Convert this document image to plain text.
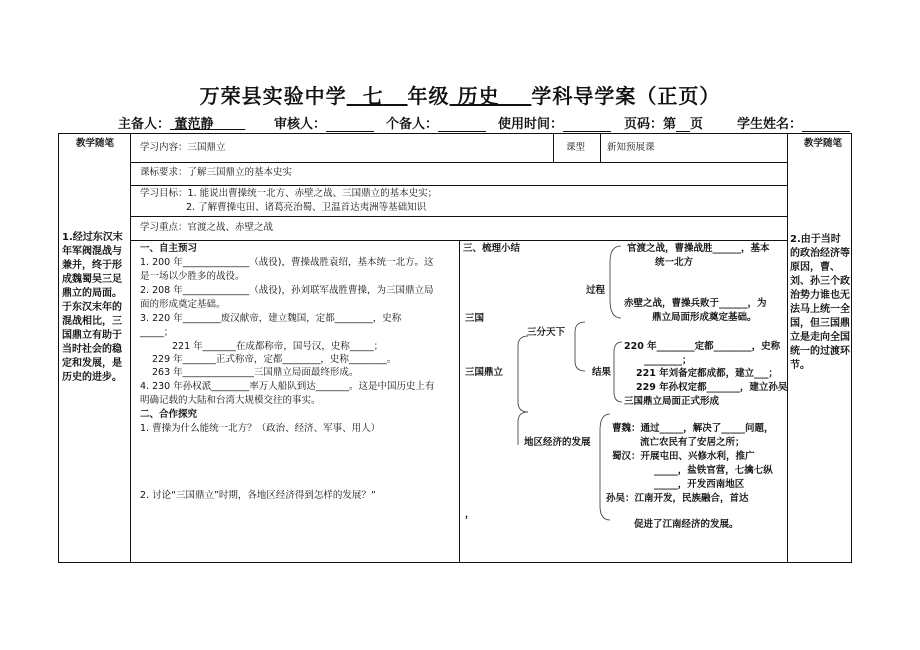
万荣县实验中学 七 年级 历史 学科导学案（正页）
主备人： 董范静	审核人：	个备人：	使用时间：	页码：第 页	学生姓名：
教学随笔
1.经过东汉末年军阀混战与兼并，终于形成魏蜀吴三足鼎立的局面。于东汉末年的混战相比，三国鼎立有助于当时社会的稳定和发展，是历史的进步。
教学随笔
2.由于当时的政治经济等原因，曹、刘、孙三个政治势力谁也无法马上统一全国，但三国鼎立是走向全国统一的过渡环节。
学习内容：三国鼎立	课型 新知预展课
课标要求：了解三国鼎立的基本史实
学习目标：1. 能说出曹操统一北方、赤壁之战、三国鼎立的基本史实；
2. 了解曹操屯田、诸葛亮治蜀、卫温首达夷洲等基础知识
学习重点：官渡之战、赤壁之战
一、自主预习
1. 200 年______________（战役)，曹操战胜袁绍，基本统一北方。这
是一场以少胜多的战役。
2. 208 年______________（战役)，孙刘联军战胜曹操，为三国鼎立局
面的形成奠定基础。
3. 220 年________废汉献帝，建立魏国，定都________，史称
_____；
221 年_______在成都称帝，国号汉，史称_____；
229 年_______正式称帝，定都________，史称________。
263 年_______________三国鼎立局面最终形成。
4. 230 年孙权派________率万人船队到达_______。这是中国历史上有
明确记载的大陆和台湾大规模交往的事实。
二、合作探究
1. 曹操为什么能统一北方？（政治、经济、军事、用人）
2. 讨论“三国鼎立”时期，各地区经济得到怎样的发展？”
三、梳理小结
三国
三国鼎立
三分天下
过程
结果
地区经济的发展
，
官渡之战，曹操战胜______，基本
统一北方
赤壁之战，曹操兵败于______，为
鼎立局面形成奠定基础。
220 年________定都________，史称
________；
221 年刘备定都成都，建立___；
229 年孙权定都_______，建立孙吴
三国鼎立局面正式形成
曹魏：通过_____，解决了_____问题，
流亡农民有了安居之所；
蜀汉：开展屯田、兴修水利，推广
_____，盐铁官营，七擒七纵
_____，开发西南地区
孙吴：江南开发，民族融合，首达
促进了江南经济的发展。
